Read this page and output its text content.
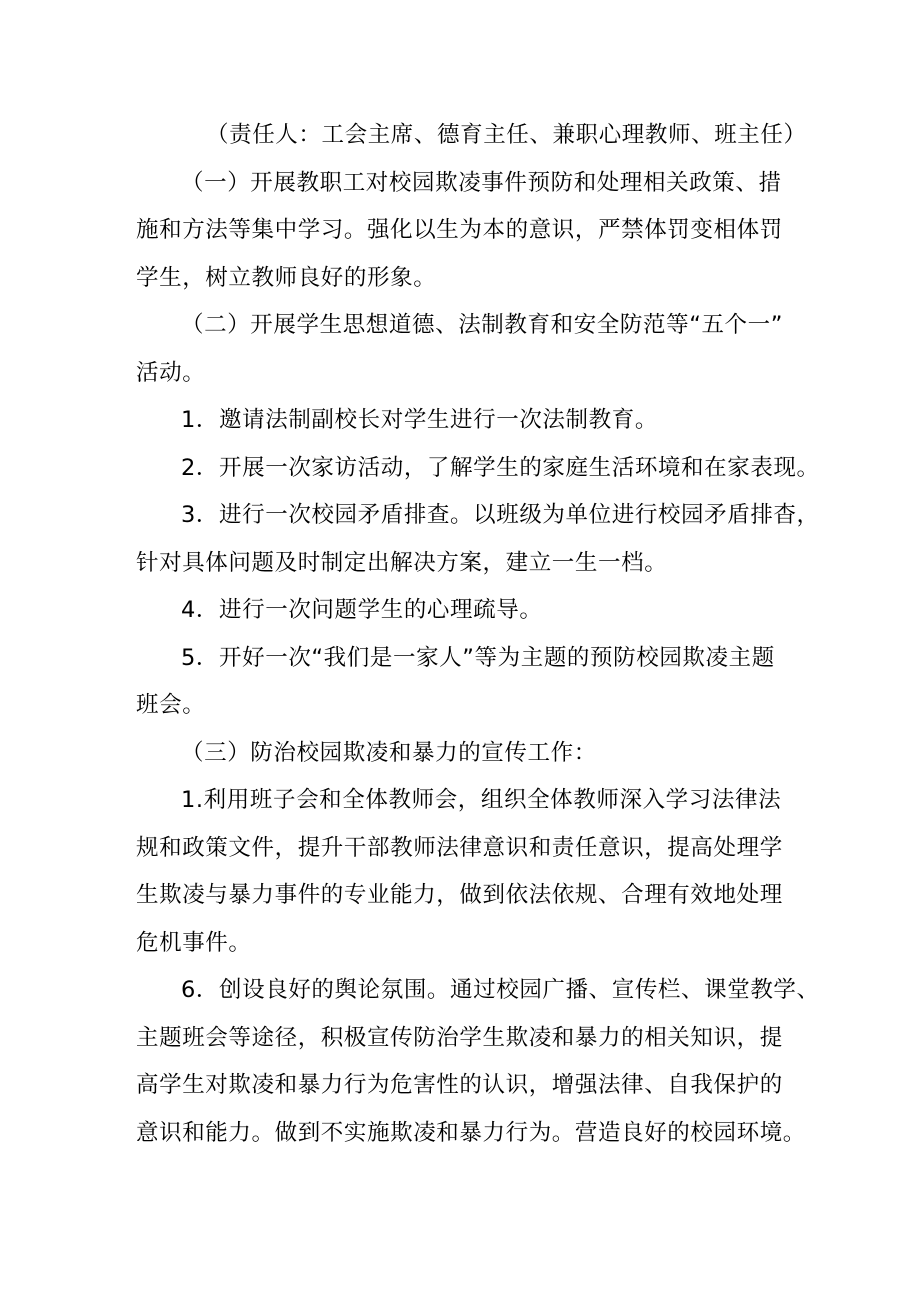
（责任人：工会主席、德育主任、兼职心理教师、班主任）
（一）开展教职工对校园欺凌事件预防和处理相关政策、措
施和方法等集中学习。强化以生为本的意识，严禁体罚变相体罚
学生，树立教师良好的形象。
（二）开展学生思想道德、法制教育和安全防范等“五个一”
活动。
1．邀请法制副校长对学生进行一次法制教育。
2．开展一次家访活动，了解学生的家庭生活环境和在家表现。
3．进行一次校园矛盾排查。以班级为单位进行校园矛盾排杳，
针对具体问题及时制定出解决方案，建立一生一档。
4．进行一次问题学生的心理疏导。
5．开好一次“我们是一家人”等为主题的预防校园欺凌主题
班会。
（三）防治校园欺凌和暴力的宣传工作：
1.利用班子会和全体教师会，组织全体教师深入学习法律法
规和政策文件，提升干部教师法律意识和责任意识，提高处理学
生欺凌与暴力事件的专业能力，做到依法依规、合理有效地处理
危机事件。
6．创设良好的舆论氛围。通过校园广播、宣传栏、课堂教学、
主题班会等途径，积极宣传防治学生欺凌和暴力的相关知识，提
高学生对欺凌和暴力行为危害性的认识，增强法律、自我保护的
意识和能力。做到不实施欺凌和暴力行为。营造良好的校园环境。
